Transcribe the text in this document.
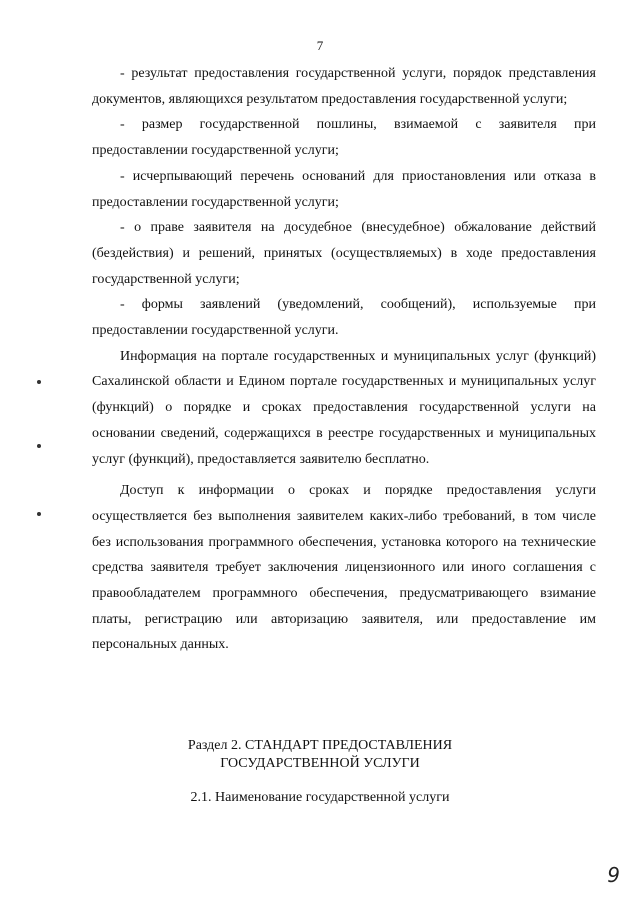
7

- результат предоставления государственной услуги, порядок представления документов, являющихся результатом предоставления государственной услуги;

- размер государственной пошлины, взимаемой с заявителя при предоставлении государственной услуги;

- исчерпывающий перечень оснований для приостановления или отказа в предоставлении государственной услуги;

- о праве заявителя на досудебное (внесудебное) обжалование действий (бездействия) и решений, принятых (осуществляемых) в ходе предоставления государственной услуги;

- формы заявлений (уведомлений, сообщений), используемые при предоставлении государственной услуги.

Информация на портале государственных и муниципальных услуг (функций) Сахалинской области и Едином портале государственных и муниципальных услуг (функций) о порядке и сроках предоставления государственной услуги на основании сведений, содержащихся в реестре государственных и муниципальных услуг (функций), предоставляется заявителю бесплатно.

Доступ к информации о сроках и порядке предоставления услуги осуществляется без выполнения заявителем каких-либо требований, в том числе без использования программного обеспечения, установка которого на технические средства заявителя требует заключения лицензионного или иного соглашения с правообладателем программного обеспечения, предусматривающего взимание платы, регистрацию или авторизацию заявителя, или предоставление им персональных данных.

Раздел 2. СТАНДАРТ ПРЕДОСТАВЛЕНИЯ
ГОСУДАРСТВЕННОЙ УСЛУГИ
2.1. Наименование государственной услуги
9
